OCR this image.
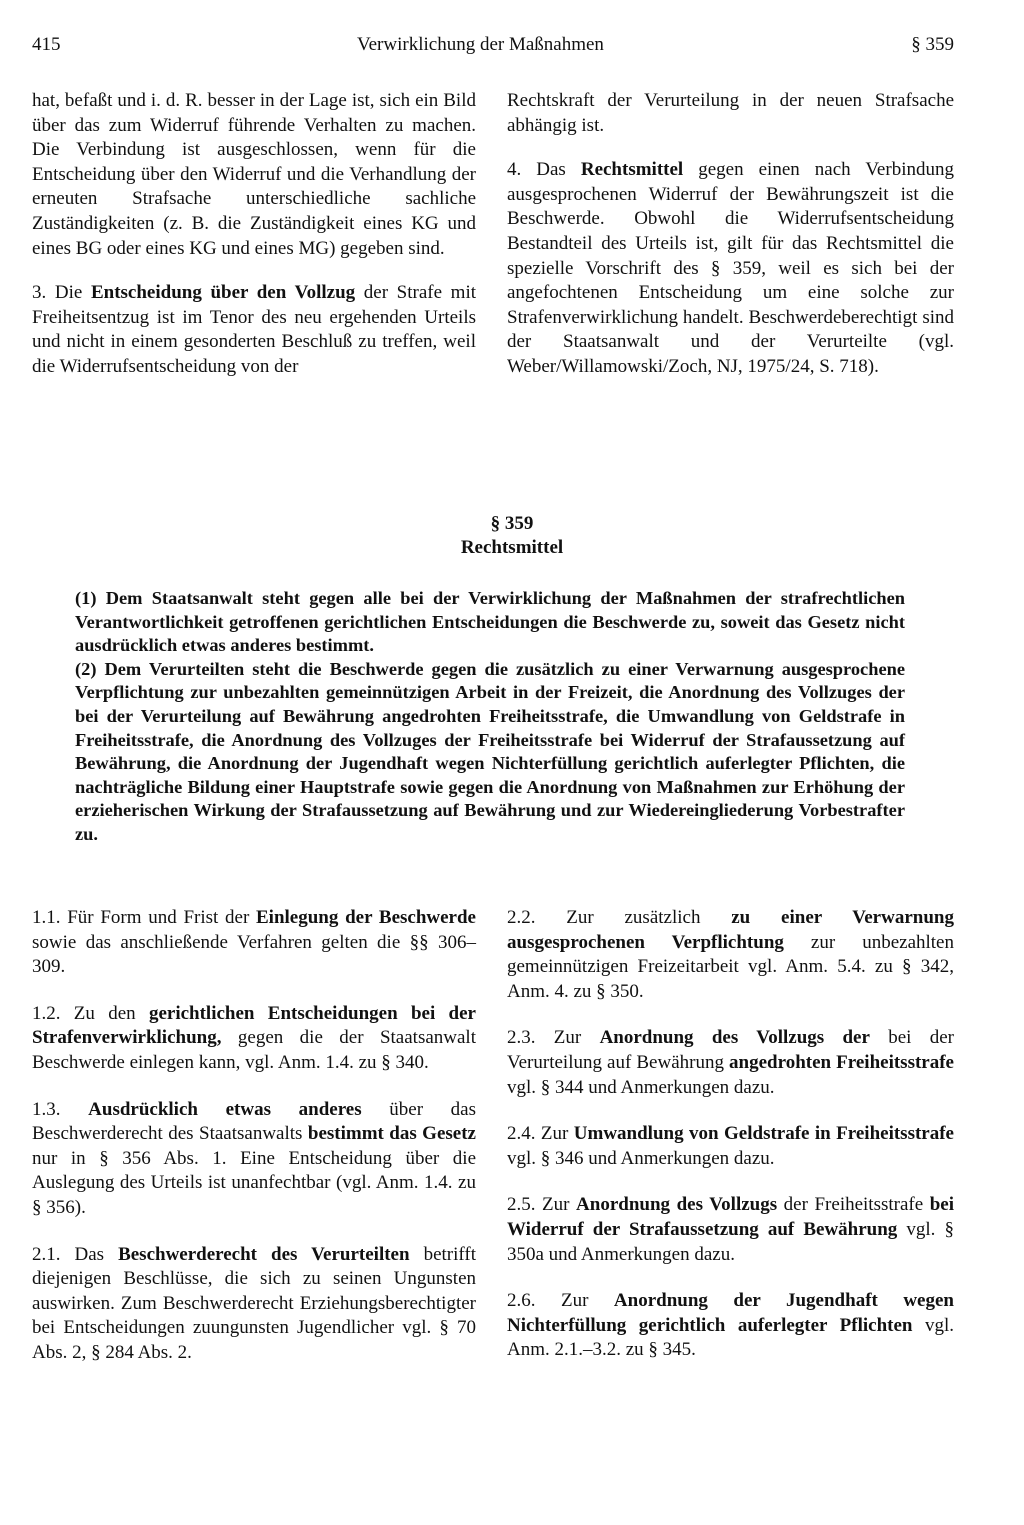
415	Verwirklichung der Maßnahmen	§ 359

hat, befaßt und i. d. R. besser in der Lage ist, sich ein Bild über das zum Widerruf führende Verhalten zu machen. Die Verbindung ist ausgeschlossen, wenn für die Entscheidung über den Widerruf und die Verhandlung der erneuten Strafsache unterschiedliche sachliche Zuständigkeiten (z. B. die Zuständigkeit eines KG und eines BG oder eines KG und eines MG) gegeben sind.

3. Die Entscheidung über den Vollzug der Strafe mit Freiheitsentzug ist im Tenor des neu ergehenden Urteils und nicht in einem gesonderten Beschluß zu treffen, weil die Widerrufsentscheidung von der

Rechtskraft der Verurteilung in der neuen Strafsache abhängig ist.

4. Das Rechtsmittel gegen einen nach Verbindung ausgesprochenen Widerruf der Bewährungszeit ist die Beschwerde. Obwohl die Widerrufsentscheidung Bestandteil des Urteils ist, gilt für das Rechtsmittel die spezielle Vorschrift des § 359, weil es sich bei der angefochtenen Entscheidung um eine solche zur Strafenverwirklichung handelt. Beschwerdeberechtigt sind der Staatsanwalt und der Verurteilte (vgl. Weber/Willamowski/Zoch, NJ, 1975/24, S. 718).

§ 359
Rechtsmittel

(1) Dem Staatsanwalt steht gegen alle bei der Verwirklichung der Maßnahmen der strafrechtlichen Verantwortlichkeit getroffenen gerichtlichen Entscheidungen die Beschwerde zu, soweit das Gesetz nicht ausdrücklich etwas anderes bestimmt.

(2) Dem Verurteilten steht die Beschwerde gegen die zusätzlich zu einer Verwarnung ausgesprochene Verpflichtung zur unbezahlten gemeinnützigen Arbeit in der Freizeit, die Anordnung des Vollzuges der bei der Verurteilung auf Bewährung angedrohten Freiheitsstrafe, die Umwandlung von Geldstrafe in Freiheitsstrafe, die Anordnung des Vollzuges der Freiheitsstrafe bei Widerruf der Strafaussetzung auf Bewährung, die Anordnung der Jugendhaft wegen Nichterfüllung gerichtlich auferlegter Pflichten, die nachträgliche Bildung einer Hauptstrafe sowie gegen die Anordnung von Maßnahmen zur Erhöhung der erzieherischen Wirkung der Strafaussetzung auf Bewährung und zur Wiedereingliederung Vorbestrafter zu.

1.1. Für Form und Frist der Einlegung der Beschwerde sowie das anschließende Verfahren gelten die §§ 306–309.

1.2. Zu den gerichtlichen Entscheidungen bei der Strafenverwirklichung, gegen die der Staatsanwalt Beschwerde einlegen kann, vgl. Anm. 1.4. zu § 340.

1.3. Ausdrücklich etwas anderes über das Beschwerderecht des Staatsanwalts bestimmt das Gesetz nur in § 356 Abs. 1. Eine Entscheidung über die Auslegung des Urteils ist unanfechtbar (vgl. Anm. 1.4. zu § 356).

2.1. Das Beschwerderecht des Verurteilten betrifft diejenigen Beschlüsse, die sich zu seinen Ungunsten auswirken. Zum Beschwerderecht Erziehungsberechtigter bei Entscheidungen zuungunsten Jugendlicher vgl. § 70 Abs. 2, § 284 Abs. 2.

2.2. Zur zusätzlich zu einer Verwarnung ausgesprochenen Verpflichtung zur unbezahlten gemeinnützigen Freizeitarbeit vgl. Anm. 5.4. zu § 342, Anm. 4. zu § 350.

2.3. Zur Anordnung des Vollzugs der bei der Verurteilung auf Bewährung angedrohten Freiheitsstrafe vgl. § 344 und Anmerkungen dazu.

2.4. Zur Umwandlung von Geldstrafe in Freiheitsstrafe vgl. § 346 und Anmerkungen dazu.

2.5. Zur Anordnung des Vollzugs der Freiheitsstrafe bei Widerruf der Strafaussetzung auf Bewährung vgl. § 350a und Anmerkungen dazu.

2.6. Zur Anordnung der Jugendhaft wegen Nichterfüllung gerichtlich auferlegter Pflichten vgl. Anm. 2.1.–3.2. zu § 345.
